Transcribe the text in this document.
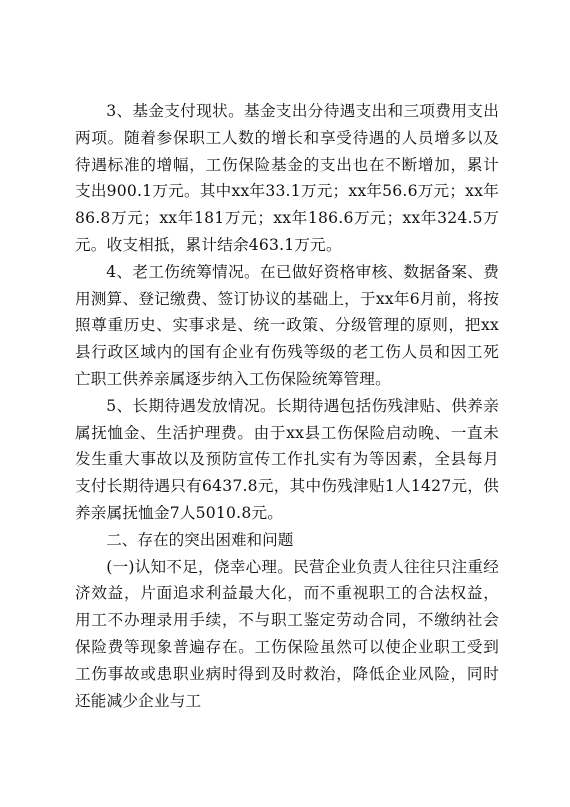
3、基金支付现状。基金支出分待遇支出和三项费用支出两项。随着参保职工人数的增长和享受待遇的人员增多以及待遇标准的增幅，工伤保险基金的支出也在不断增加，累计支出900.1万元。其中xx年33.1万元；xx年56.6万元；xx年86.8万元；xx年181万元；xx年186.6万元；xx年324.5万元。收支相抵，累计结余463.1万元。

4、老工伤统筹情况。在已做好资格审核、数据备案、费用测算、登记缴费、签订协议的基础上，于xx年6月前，将按照尊重历史、实事求是、统一政策、分级管理的原则，把xx县行政区域内的国有企业有伤残等级的老工伤人员和因工死亡职工供养亲属逐步纳入工伤保险统筹管理。

5、长期待遇发放情况。长期待遇包括伤残津贴、供养亲属抚恤金、生活护理费。由于xx县工伤保险启动晚、一直未发生重大事故以及预防宣传工作扎实有为等因素，全县每月支付长期待遇只有6437.8元，其中伤残津贴1人1427元，供养亲属抚恤金7人5010.8元。

二、存在的突出困难和问题

(一)认知不足，侥幸心理。民营企业负责人往往只注重经济效益，片面追求利益最大化，而不重视职工的合法权益，用工不办理录用手续，不与职工鉴定劳动合同，不缴纳社会保险费等现象普遍存在。工伤保险虽然可以使企业职工受到工伤事故或患职业病时得到及时救治，降低企业风险，同时还能减少企业与工
